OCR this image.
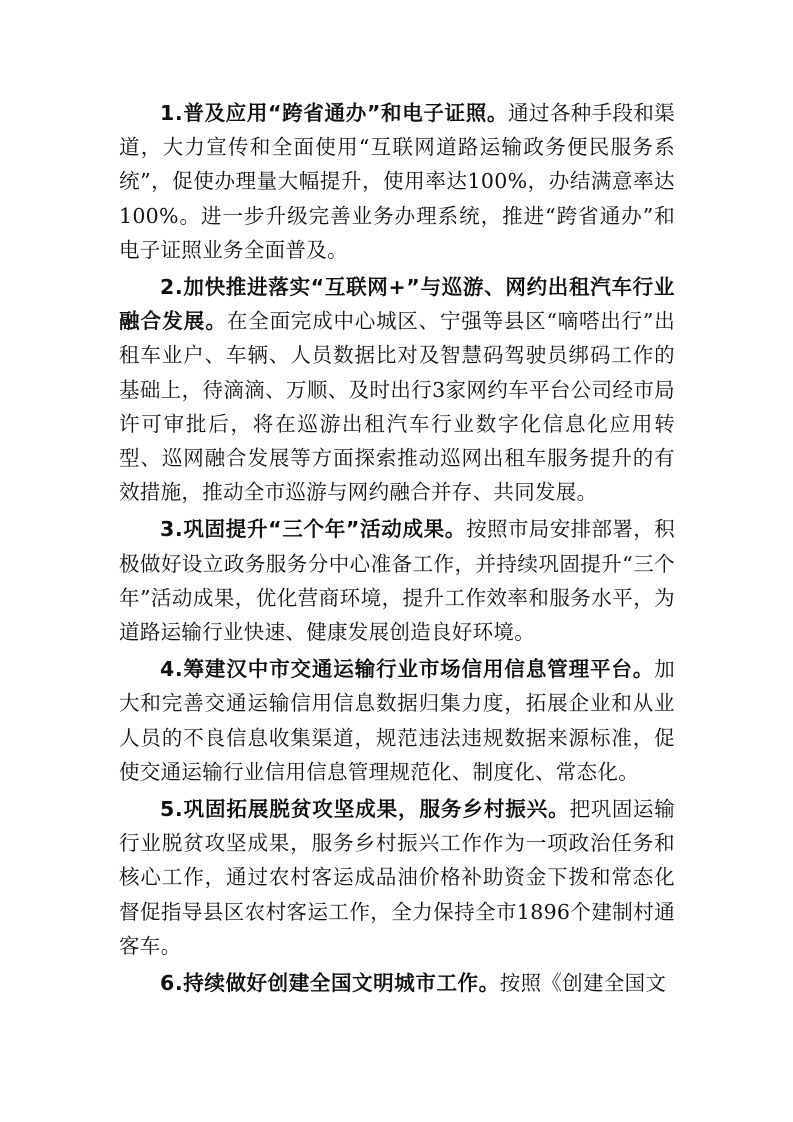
1.普及应用“跨省通办”和电子证照。通过各种手段和渠道，大力宣传和全面使用“互联网道路运输政务便民服务系统”，促使办理量大幅提升，使用率达100%，办结满意率达100%。进一步升级完善业务办理系统，推进“跨省通办”和电子证照业务全面普及。

2.加快推进落实“互联网+”与巡游、网约出租汽车行业融合发展。在全面完成中心城区、宁强等县区“嘀嗒出行”出租车业户、车辆、人员数据比对及智慧码驾驶员绑码工作的基础上，待滴滴、万顺、及时出行3家网约车平台公司经市局许可审批后，将在巡游出租汽车行业数字化信息化应用转型、巡网融合发展等方面探索推动巡网出租车服务提升的有效措施，推动全市巡游与网约融合并存、共同发展。

3.巩固提升“三个年”活动成果。按照市局安排部署，积极做好设立政务服务分中心准备工作，并持续巩固提升“三个年”活动成果，优化营商环境，提升工作效率和服务水平，为道路运输行业快速、健康发展创造良好环境。

4.筹建汉中市交通运输行业市场信用信息管理平台。加大和完善交通运输信用信息数据归集力度，拓展企业和从业人员的不良信息收集渠道，规范违法违规数据来源标准，促使交通运输行业信用信息管理规范化、制度化、常态化。

5.巩固拓展脱贫攻坚成果，服务乡村振兴。把巩固运输行业脱贫攻坚成果，服务乡村振兴工作作为一项政治任务和核心工作，通过农村客运成品油价格补助资金下拨和常态化督促指导县区农村客运工作，全力保持全市1896个建制村通客车。

6.持续做好创建全国文明城市工作。按照《创建全国文
